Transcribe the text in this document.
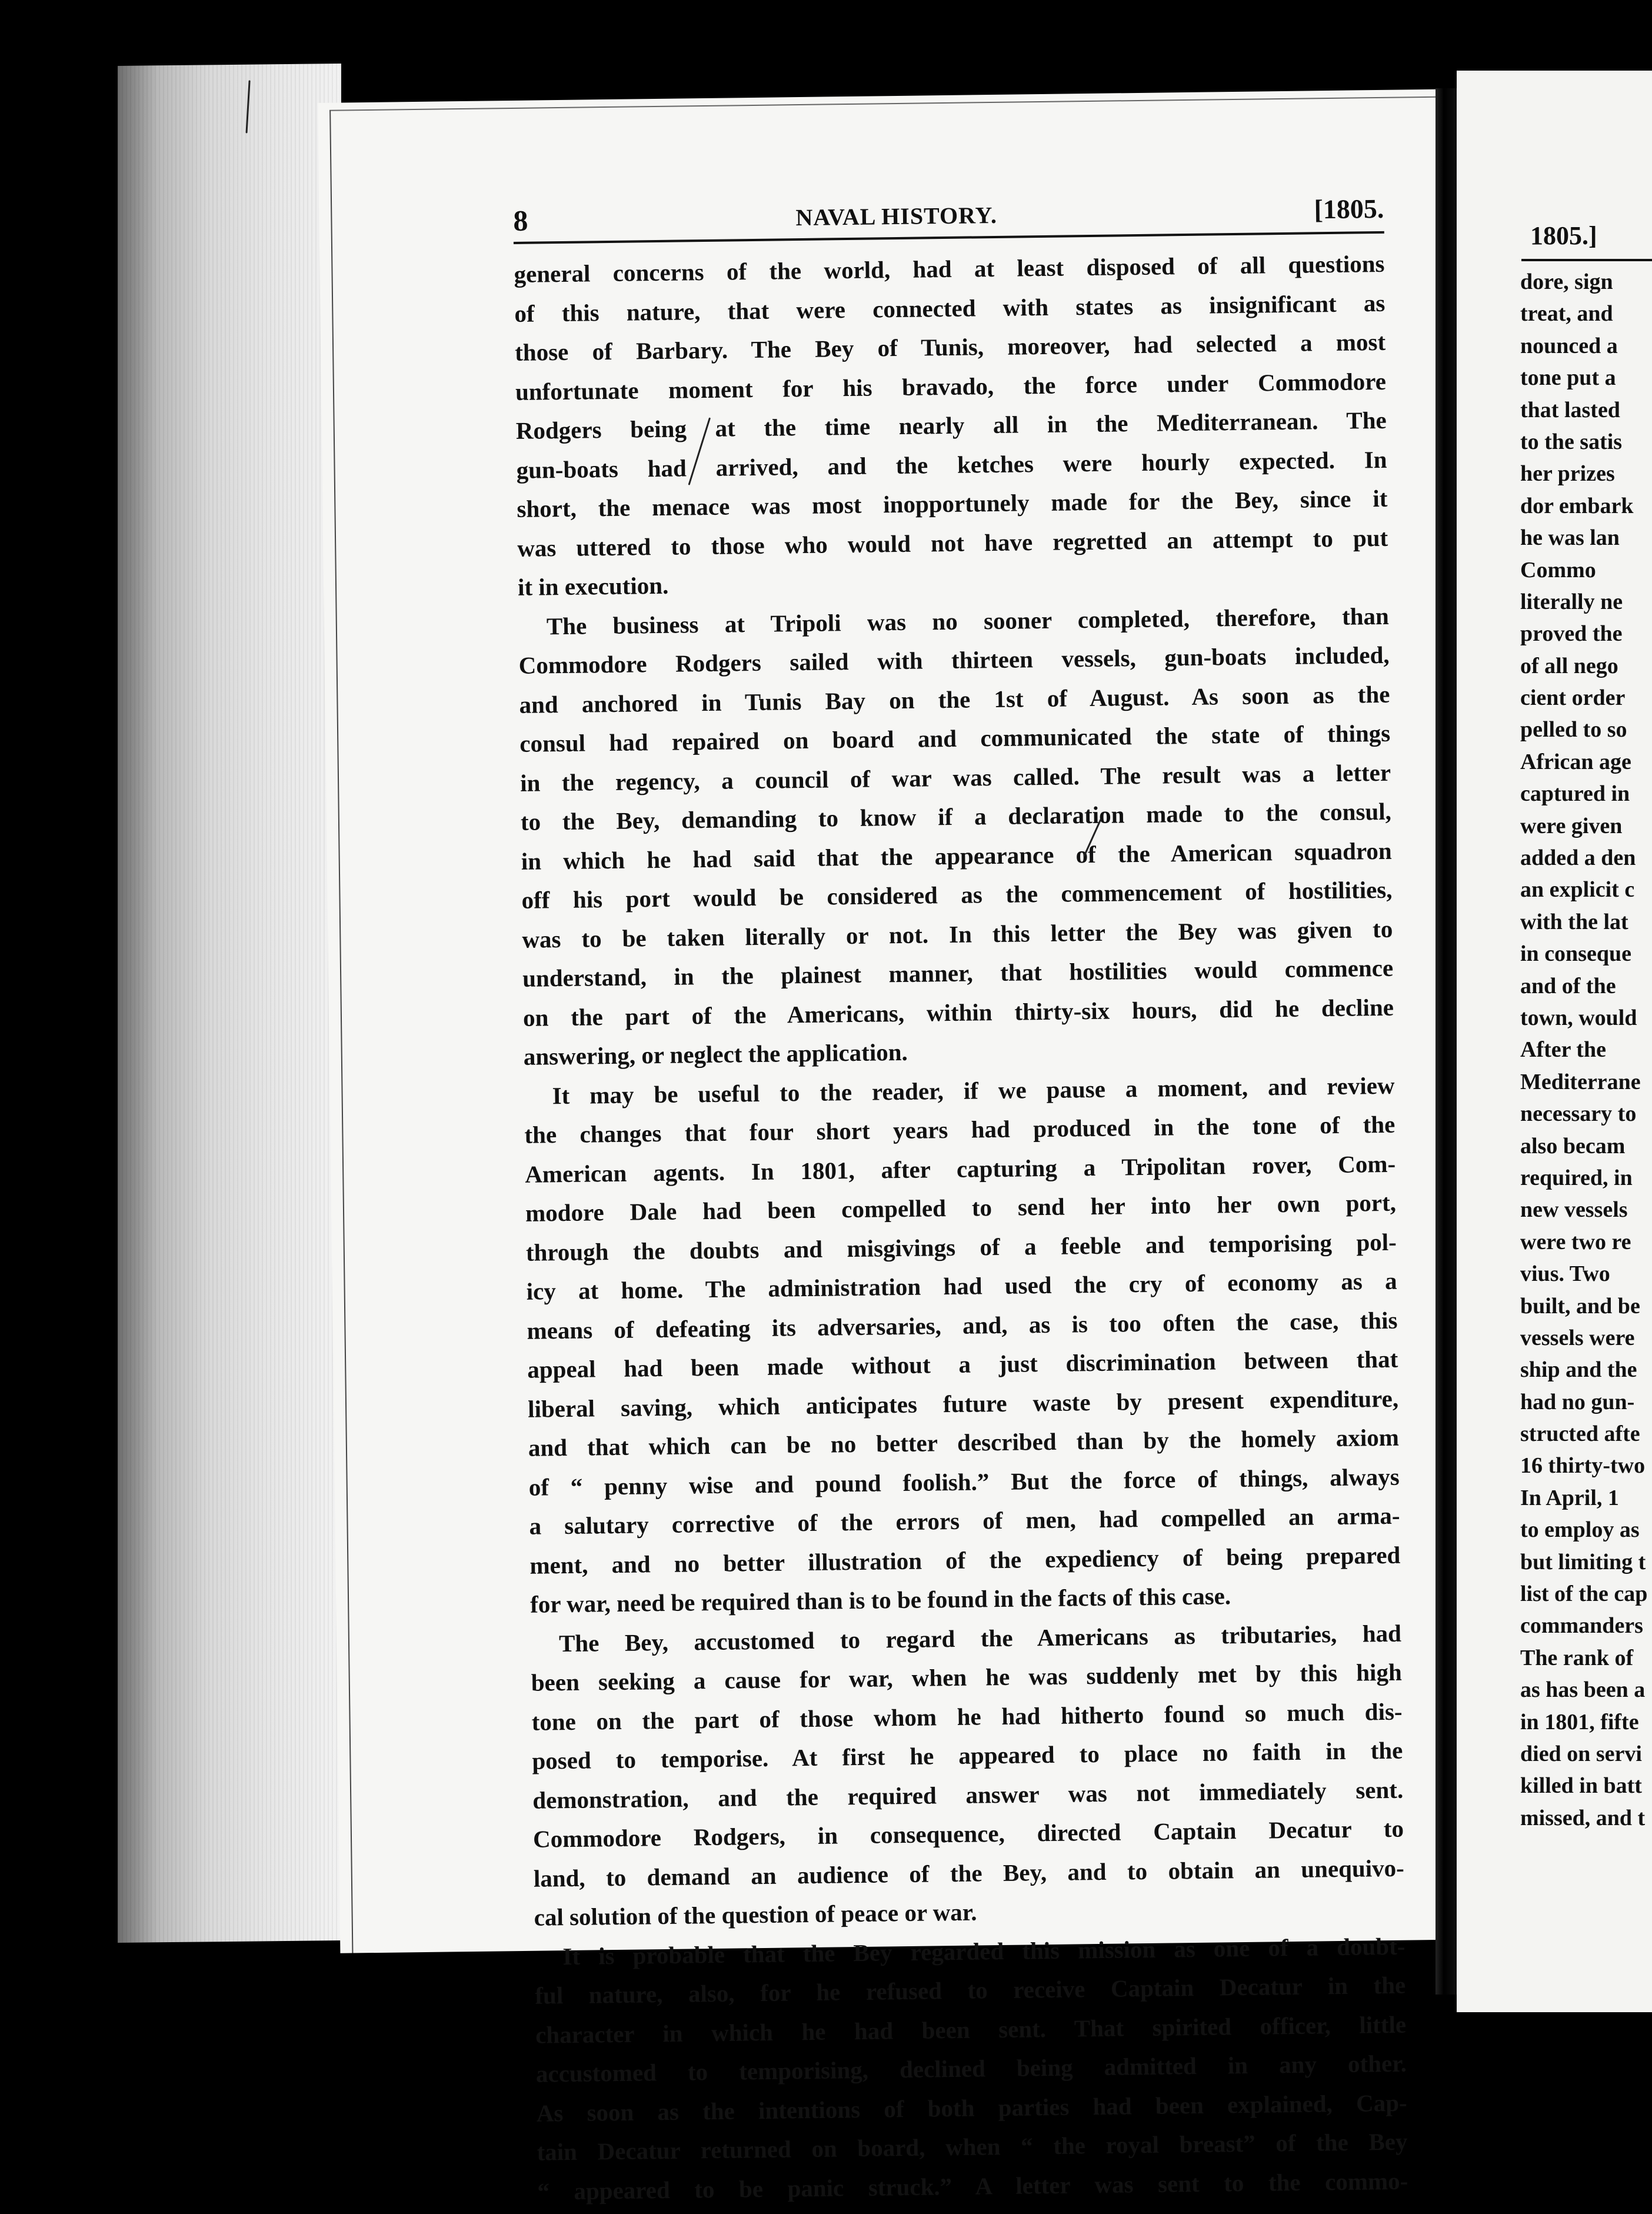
8	NAVAL HISTORY.	[1805.

general concerns of the world, had at least disposed of all questions

of this nature, that were connected with states as insignificant as

those of Barbary. The Bey of Tunis, moreover, had selected a most

unfortunate moment for his bravado, the force under Commodore

Rodgers being at the time nearly all in the Mediterranean. The

gun-boats had arrived, and the ketches were hourly expected. In

short, the menace was most inopportunely made for the Bey, since it

was uttered to those who would not have regretted an attempt to put

it in execution.

The business at Tripoli was no sooner completed, therefore, than

Commodore Rodgers sailed with thirteen vessels, gun-boats included,

and anchored in Tunis Bay on the 1st of August. As soon as the

consul had repaired on board and communicated the state of things

in the regency, a council of war was called. The result was a letter

to the Bey, demanding to know if a declaration made to the consul,

in which he had said that the appearance of the American squadron

off his port would be considered as the commencement of hostilities,

was to be taken literally or not. In this letter the Bey was given to

understand, in the plainest manner, that hostilities would commence

on the part of the Americans, within thirty-six hours, did he decline

answering, or neglect the application.

It may be useful to the reader, if we pause a moment, and review

the changes that four short years had produced in the tone of the

American agents. In 1801, after capturing a Tripolitan rover, Com-

modore Dale had been compelled to send her into her own port,

through the doubts and misgivings of a feeble and temporising pol-

icy at home. The administration had used the cry of economy as a

means of defeating its adversaries, and, as is too often the case, this

appeal had been made without a just discrimination between that

liberal saving, which anticipates future waste by present expenditure,

and that which can be no better described than by the homely axiom

of “ penny wise and pound foolish.” But the force of things, always

a salutary corrective of the errors of men, had compelled an arma-

ment, and no better illustration of the expediency of being prepared

for war, need be required than is to be found in the facts of this case.

The Bey, accustomed to regard the Americans as tributaries, had

been seeking a cause for war, when he was suddenly met by this high

tone on the part of those whom he had hitherto found so much dis-

posed to temporise. At first he appeared to place no faith in the

demonstration, and the required answer was not immediately sent.

Commodore Rodgers, in consequence, directed Captain Decatur to

land, to demand an audience of the Bey, and to obtain an unequivo-

cal solution of the question of peace or war.

It is probable that the Bey regarded this mission as one of a doubt-

ful nature, also, for he refused to receive Captain Decatur in the

character in which he had been sent. That spirited officer, little

accustomed to temporising, declined being admitted in any other.

As soon as the intentions of both parties had been explained, Cap-

tain Decatur returned on board, when “ the royal breast” of the Bey

“ appeared to be panic struck.” A letter was sent to the commo-

1805.]
dore, sign
treat, and
nounced a
tone put a
that lasted
to the satis
her prizes
dor embark
he was lan
Commo
literally ne
proved the
of all nego
cient order
pelled to so
African age
captured in
were given
added a den
an explicit c
with the lat
in conseque
and of the
town, would
After the
Mediterrane
necessary to
also becam
required, in
new vessels
were two re
vius. Two
built, and be
vessels were
ship and the
had no gun-
structed afte
16 thirty-two
In April, 1
to employ as
but limiting t
list of the cap
commanders
The rank of
as has been a
in 1801, fifte
died on servi
killed in batt
missed, and t
